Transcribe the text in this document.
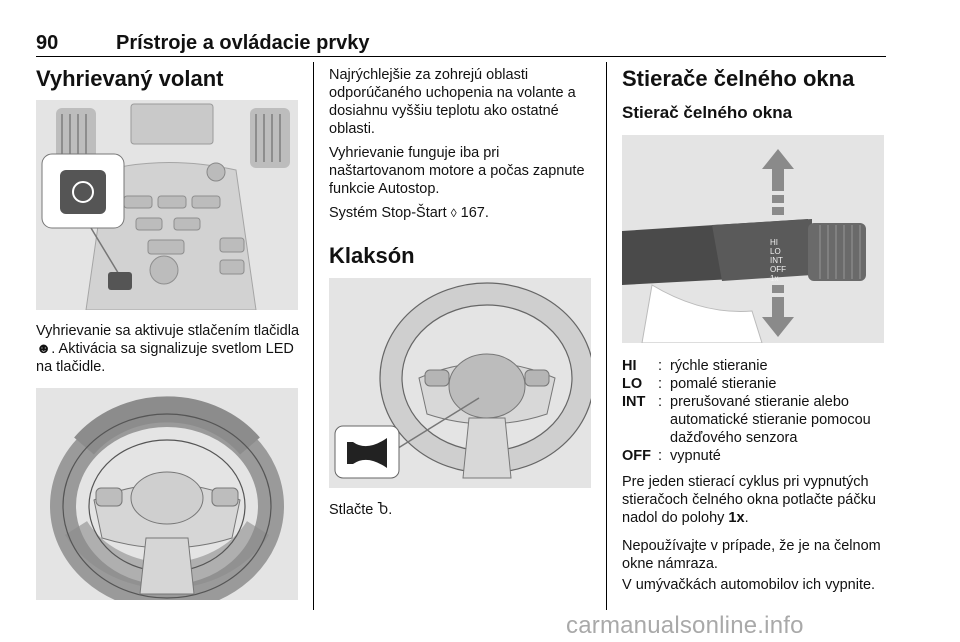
90	Prístroje a ovládacie prvky
Vyhrievaný volant

Vyhrievanie sa aktivuje stlačením tlačidla ☻. Aktivácia sa signalizuje svetlom LED na tlačidle.

Najrýchlejšie za zohrejú oblasti odporúčaného uchopenia na volante a dosiahnu vyššiu teplotu ako ostatné oblasti.

Vyhrievanie funguje iba pri naštartovanom motore a počas zapnute funkcie Autostop.

Systém Stop-Štart ◊ 167.

Klaksón

Stlačte Ⴆ.

Stierače čelného okna
Stierač čelného okna
HI
LO
INT
OFF
1x
HI	: rýchle stieranie
LO	: pomalé stieranie
INT : prerušované stieranie alebo automatické stieranie pomocou dažďového senzora
OFF : vypnuté

Pre jeden stierací cyklus pri vypnutých stieračoch čelného okna potlačte páčku nadol do polohy 1x.

Nepoužívajte v prípade, že je na čelnom okne námraza.

V umývačkách automobilov ich vypnite.

carmanualsonline.info
